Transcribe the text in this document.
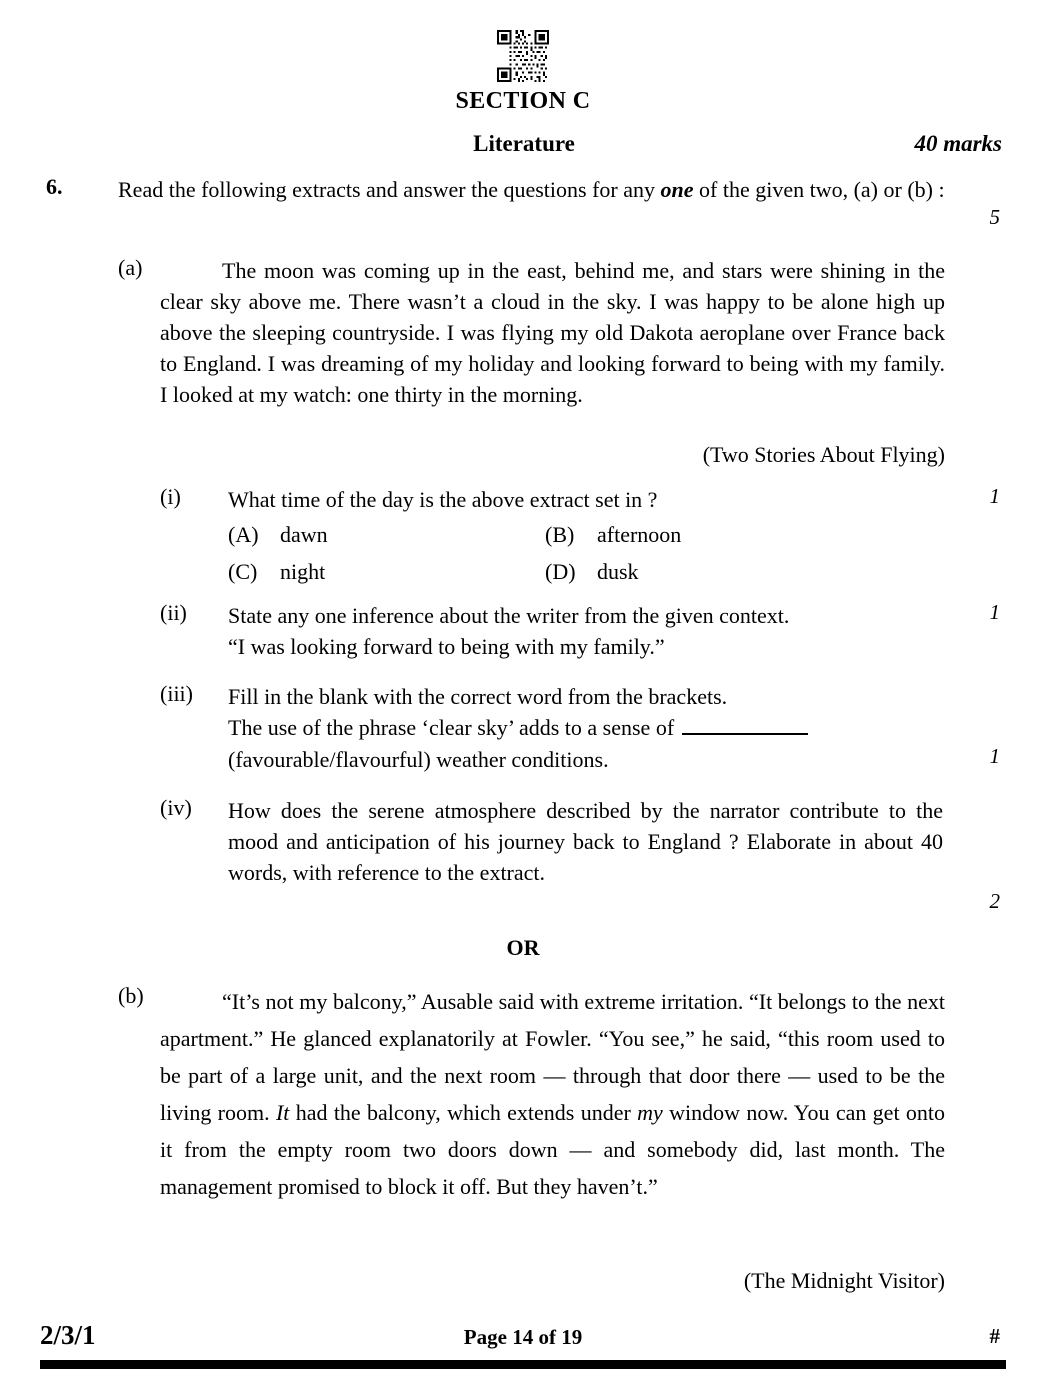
SECTION C
Literature	40 marks
6.	Read the following extracts and answer the questions for any one of the given two, (a) or (b) :
5
(a)	The moon was coming up in the east, behind me, and stars were shining in the clear sky above me. There wasn’t a cloud in the sky. I was happy to be alone high up above the sleeping countryside. I was flying my old Dakota aeroplane over France back to England. I was dreaming of my holiday and looking forward to being with my family. I looked at my watch: one thirty in the morning.
(Two Stories About Flying)
(i)	What time of the day is the above extract set in ?	1
(A) dawn	(B) afternoon
(C) night	(D) dusk
(ii)	State any one inference about the writer from the given context.
“I was looking forward to being with my family.”
1
(iii)	Fill in the blank with the correct word from the brackets.
The use of the phrase ‘clear sky’ adds to a sense of
(favourable/flavourful) weather conditions.	1
(iv)	How does the serene atmosphere described by the narrator contribute to the mood and anticipation of his journey back to England ? Elaborate in about 40 words, with reference to the extract.
2
OR
(b)	“It’s not my balcony,” Ausable said with extreme irritation. “It belongs to the next apartment.” He glanced explanatorily at Fowler. “You see,” he said, “this room used to be part of a large unit, and the next room — through that door there — used to be the living room. It had the balcony, which extends under my window now. You can get onto it from the empty room two doors down — and somebody did, last month. The management promised to block it off. But they haven’t.”
(The Midnight Visitor)
2/3/1	Page 14 of 19	#
